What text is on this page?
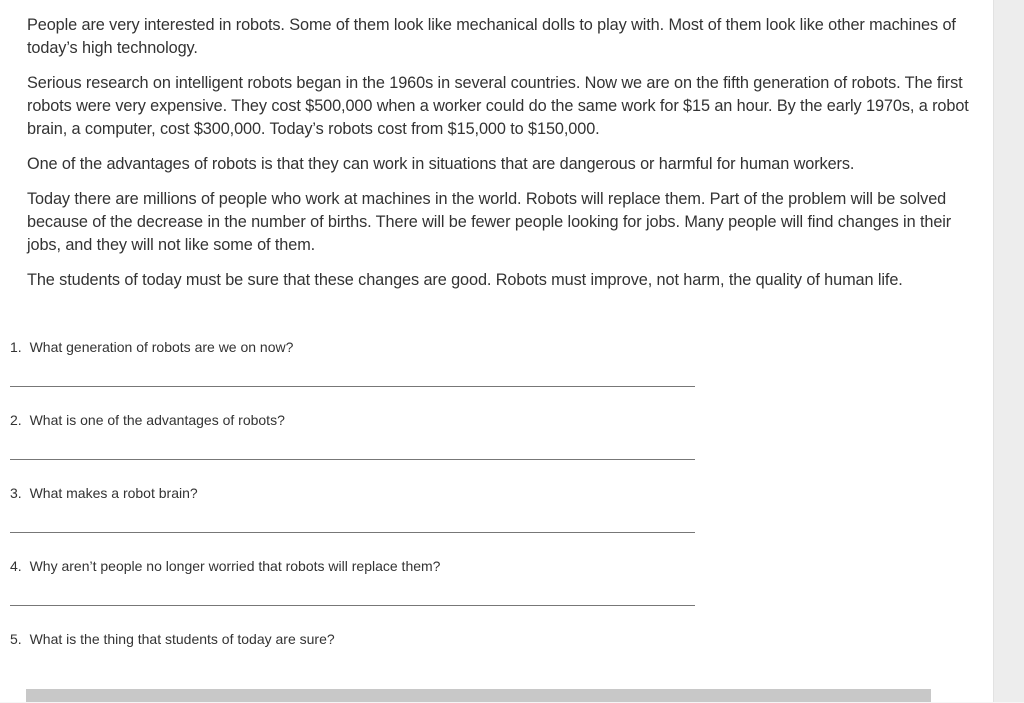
People are very interested in robots. Some of them look like mechanical dolls to play with. Most of them look like other machines of today’s high technology.

Serious research on intelligent robots began in the 1960s in several countries. Now we are on the fifth generation of robots. The first robots were very expensive. They cost $500,000 when a worker could do the same work for $15 an hour. By the early 1970s, a robot brain, a computer, cost $300,000. Today’s robots cost from $15,000 to $150,000.

One of the advantages of robots is that they can work in situations that are dangerous or harmful for human workers.

Today there are millions of people who work at machines in the world. Robots will replace them. Part of the problem will be solved because of the decrease in the number of births. There will be fewer people looking for jobs. Many people will find changes in their jobs, and they will not like some of them.

The students of today must be sure that these changes are good. Robots must improve, not harm, the quality of human life.

1. What generation of robots are we on now?
2. What is one of the advantages of robots?
3. What makes a robot brain?
4. Why aren’t people no longer worried that robots will replace them?
5. What is the thing that students of today are sure?
